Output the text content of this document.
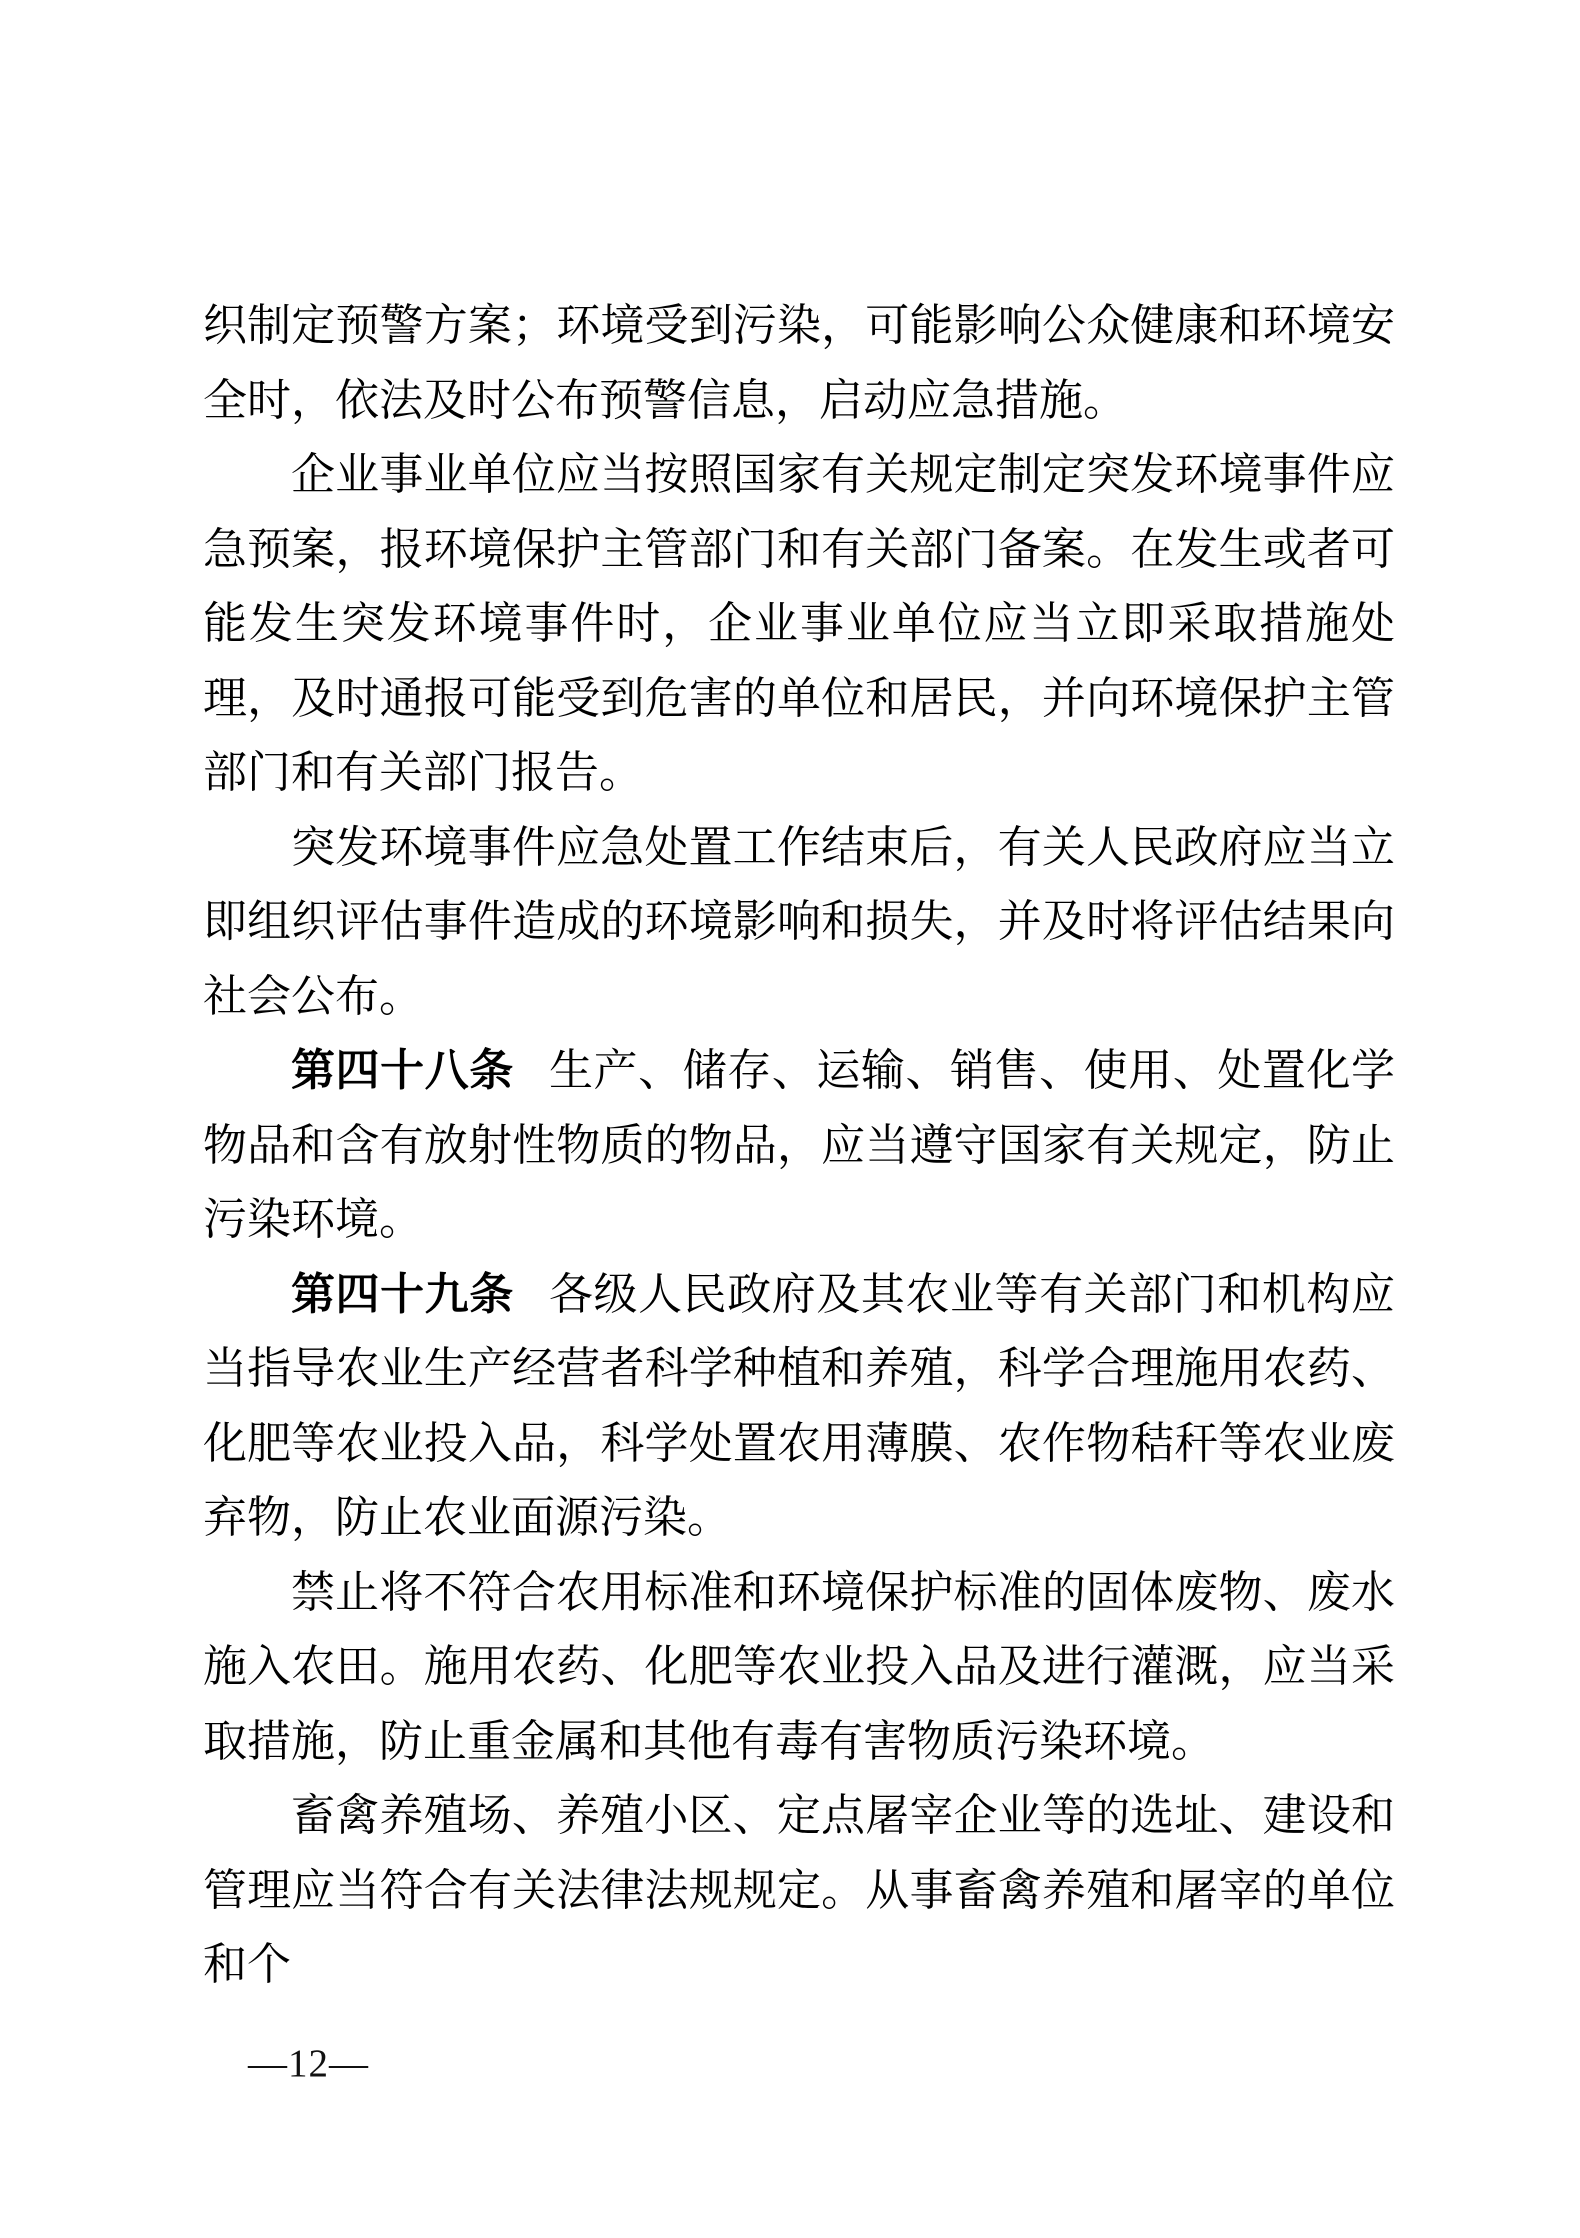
织制定预警方案；环境受到污染，可能影响公众健康和环境安全时，依法及时公布预警信息，启动应急措施。

企业事业单位应当按照国家有关规定制定突发环境事件应急预案，报环境保护主管部门和有关部门备案。在发生或者可能发生突发环境事件时，企业事业单位应当立即采取措施处理，及时通报可能受到危害的单位和居民，并向环境保护主管部门和有关部门报告。

突发环境事件应急处置工作结束后，有关人民政府应当立即组织评估事件造成的环境影响和损失，并及时将评估结果向社会公布。

第四十八条 生产、储存、运输、销售、使用、处置化学物品和含有放射性物质的物品，应当遵守国家有关规定，防止污染环境。

第四十九条 各级人民政府及其农业等有关部门和机构应当指导农业生产经营者科学种植和养殖，科学合理施用农药、化肥等农业投入品，科学处置农用薄膜、农作物秸秆等农业废弃物，防止农业面源污染。

禁止将不符合农用标准和环境保护标准的固体废物、废水施入农田。施用农药、化肥等农业投入品及进行灌溉，应当采取措施，防止重金属和其他有毒有害物质污染环境。

畜禽养殖场、养殖小区、定点屠宰企业等的选址、建设和管理应当符合有关法律法规规定。从事畜禽养殖和屠宰的单位和个

—12—
